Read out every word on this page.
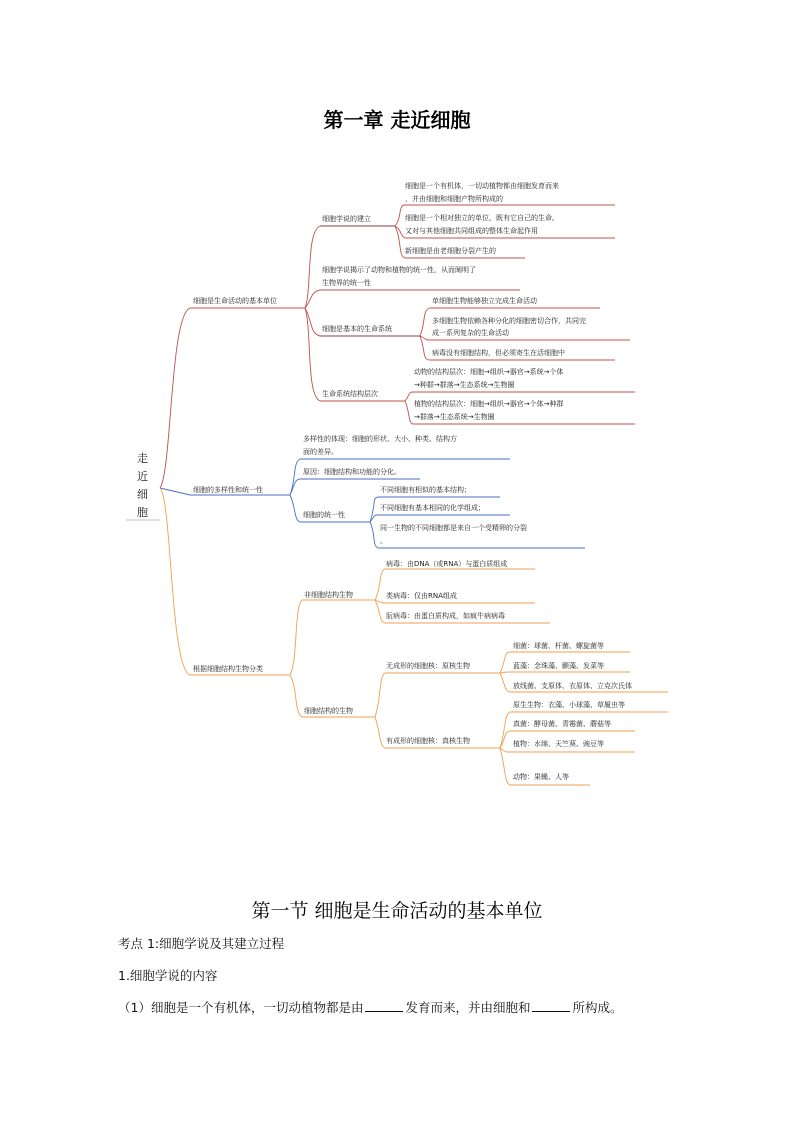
第一章 走近细胞
走
近
细
胞
细胞是生命活动的基本单位
细胞学说的建立
细胞是一个有机体，一切动植物都由细胞发育而来
，并由细胞和细胞产物所构成的
细胞是一个相对独立的单位，既有它自己的生命,
又对与其他细胞共同组成的整体生命起作用
新细胞是由老细胞分裂产生的
细胞学说揭示了动物和植物的统一性，从而阐明了
生物界的统一性
细胞是基本的生命系统
单细胞生物能够独立完成生命活动
多细胞生物依赖各种分化的细胞密切合作，共同完
成一系列复杂的生命活动
病毒没有细胞结构，但必须寄生在活细胞中
生命系统结构层次
动物的结构层次：细胞→组织→器官→系统→个体
→种群→群落→生态系统→生物圈
植物的结构层次：细胞→组织→器官→个体→种群
→群落→生态系统→生物圈
细胞的多样性和统一性
多样性的体现：细胞的形状、大小、种类、结构方
面的差异。
原因：细胞结构和功能的分化。
细胞的统一性
不同细胞有相似的基本结构；
不同细胞有基本相同的化学组成；
同一生物的不同细胞都是来自一个受精卵的分裂
。
根据细胞结构生物分类
非细胞结构生物
病毒：由DNA（或RNA）与蛋白质组成
类病毒：仅由RNA组成
朊病毒：由蛋白质构成，如疯牛病病毒
细胞结构的生物
无成形的细胞核：原核生物
细菌：球菌、杆菌、螺旋菌等
蓝藻：念珠藻、颤藻、发菜等
放线菌、支原体、衣原体、立克次氏体
有成形的细胞核：真核生物
原生生物：衣藻、小球藻、草履虫等
真菌：酵母菌、青霉菌、蘑菇等
植物：水绵、天竺葵、豌豆等
动物：果蝇、人等
第一节 细胞是生命活动的基本单位
考点 1:细胞学说及其建立过程
1.细胞学说的内容
（1）细胞是一个有机体，一切动植物都是由	发育而来，并由细胞和	所构成。
